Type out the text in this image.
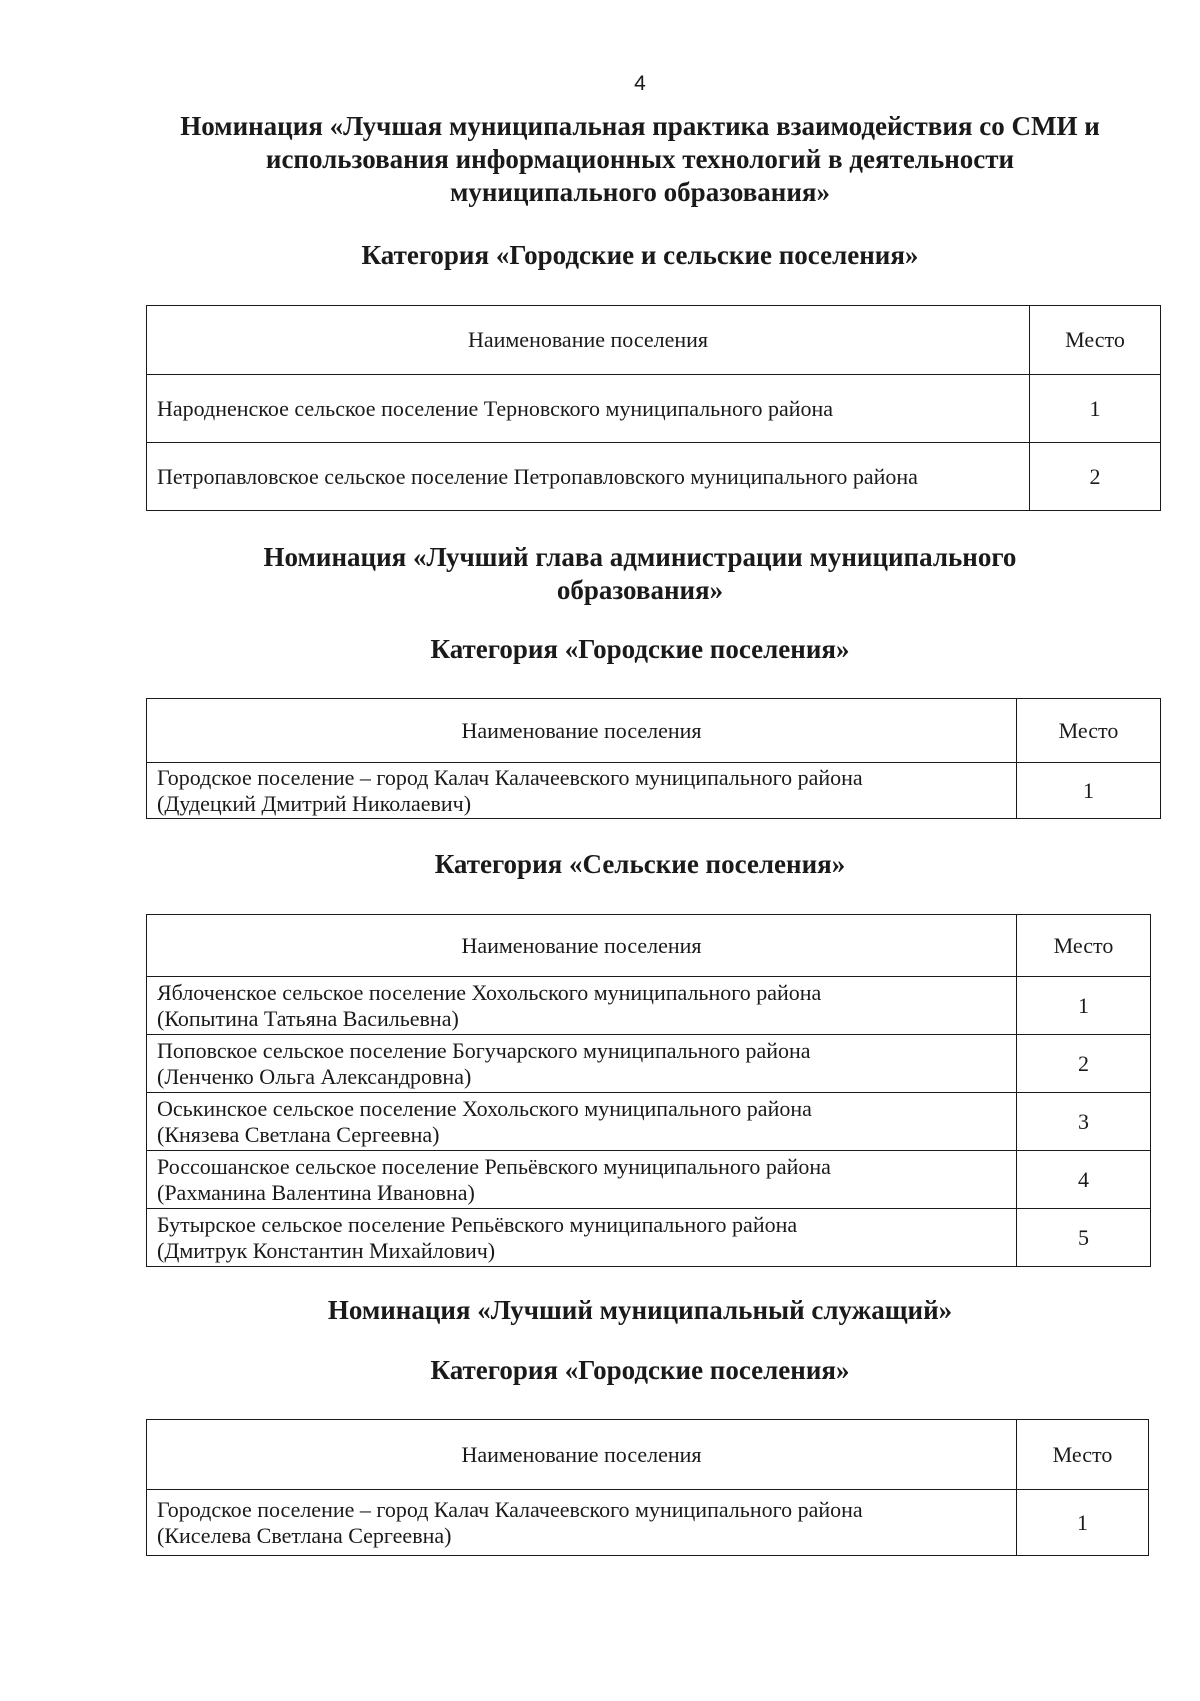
4
Номинация «Лучшая муниципальная практика взаимодействия со СМИ и
использования информационных технологий в деятельности
муниципального образования»
Категория «Городские и сельские поселения»
Наименование поселения	Место
Народненское сельское поселение Терновского муниципального района	1
Петропавловское сельское поселение Петропавловского муниципального района	2
Номинация «Лучший глава администрации муниципального
образования»
Категория «Городские поселения»
Наименование поселения	Место

Городское поселение – город Калач Калачеевского муниципального района
(Дудецкий Дмитрий Николаевич)	1
Категория «Сельские поселения»
Наименование поселения	Место

Яблоченское сельское поселение Хохольского муниципального района
(Копытина Татьяна Васильевна)	1

Поповское сельское поселение Богучарского муниципального района
(Ленченко Ольга Александровна)	2

Оськинское сельское поселение Хохольского муниципального района
(Князева Светлана Сергеевна)	3

Россошанское сельское поселение Репьёвского муниципального района
(Рахманина Валентина Ивановна)	4

Бутырское сельское поселение Репьёвского муниципального района
(Дмитрук Константин Михайлович)	5
Номинация «Лучший муниципальный служащий»
Категория «Городские поселения»
Наименование поселения	Место

Городское поселение – город Калач Калачеевского муниципального района
(Киселева Светлана Сергеевна)	1
